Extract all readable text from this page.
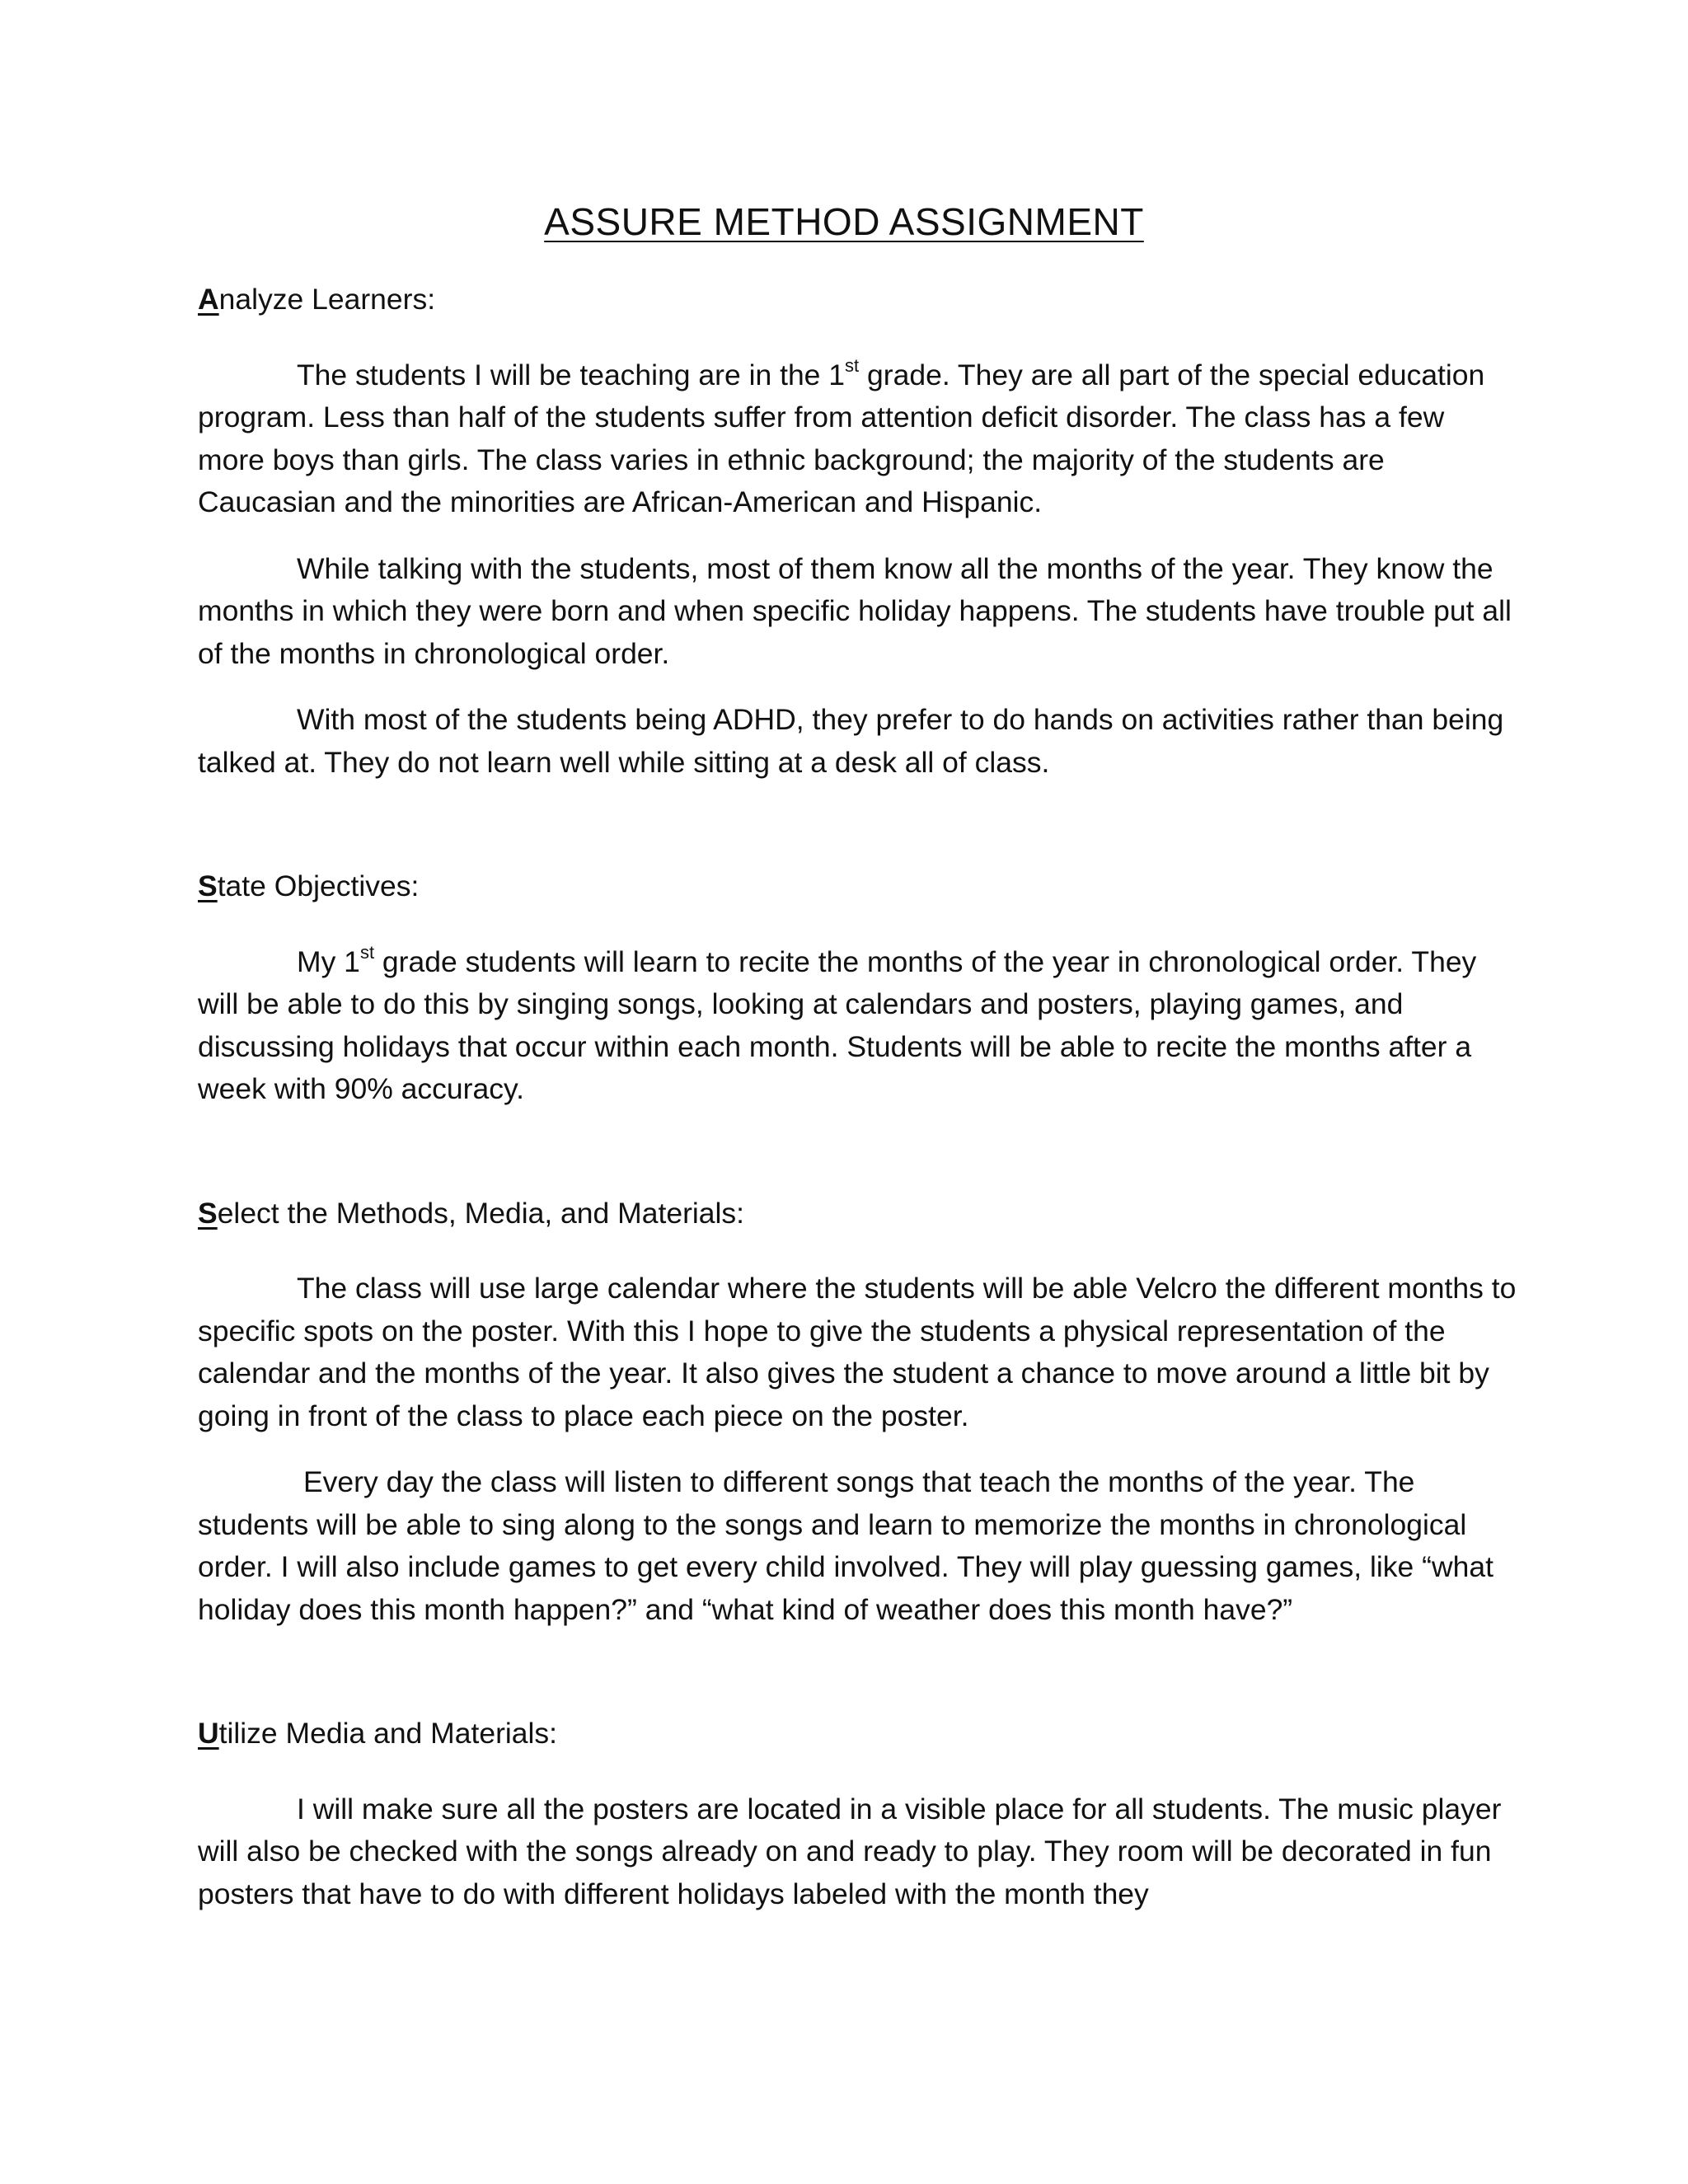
ASSURE METHOD ASSIGNMENT

Analyze Learners:

The students I will be teaching are in the 1st grade. They are all part of the special education program. Less than half of the students suffer from attention deficit disorder. The class has a few more boys than girls. The class varies in ethnic background; the majority of the students are Caucasian and the minorities are African-American and Hispanic.

While talking with the students, most of them know all the months of the year. They know the months in which they were born and when specific holiday happens. The students have trouble put all of the months in chronological order.

With most of the students being ADHD, they prefer to do hands on activities rather than being talked at. They do not learn well while sitting at a desk all of class.

State Objectives:

My 1st grade students will learn to recite the months of the year in chronological order. They will be able to do this by singing songs, looking at calendars and posters, playing games, and discussing holidays that occur within each month. Students will be able to recite the months after a week with 90% accuracy.

Select the Methods, Media, and Materials:

The class will use large calendar where the students will be able Velcro the different months to specific spots on the poster. With this I hope to give the students a physical representation of the calendar and the months of the year. It also gives the student a chance to move around a little bit by going in front of the class to place each piece on the poster.

Every day the class will listen to different songs that teach the months of the year. The students will be able to sing along to the songs and learn to memorize the months in chronological order. I will also include games to get every child involved. They will play guessing games, like “what holiday does this month happen?” and “what kind of weather does this month have?”

Utilize Media and Materials:

I will make sure all the posters are located in a visible place for all students. The music player will also be checked with the songs already on and ready to play. They room will be decorated in fun posters that have to do with different holidays labeled with the month they
